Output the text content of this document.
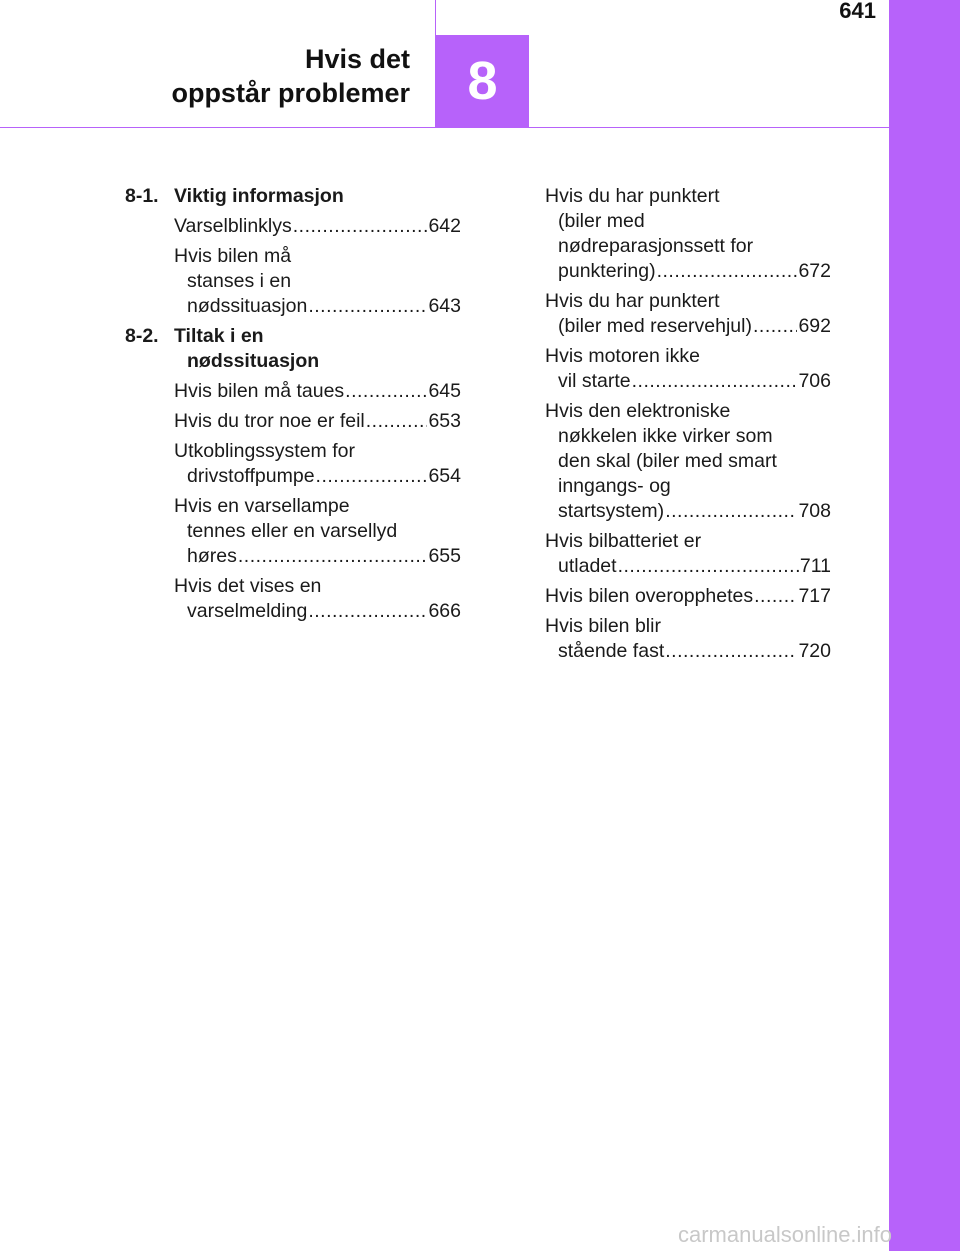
641
Hvis det
oppstår problemer	8
8-1. Viktig informasjon
Varselblinklys .....	642
Hvis bilen må
stanses i en
nødssituasjon .....	643
8-2. Tiltak i en
nødssituasjon
Hvis bilen må taues .....	645
Hvis du tror noe er feil .....	653
Utkoblingssystem for
drivstoffpumpe .....	654
Hvis en varsellampe
tennes eller en varsellyd
høres .....	655
Hvis det vises en
varselmelding .....	666
Hvis du har punktert
(biler med
nødreparasjonssett for
punktering) .....	672
Hvis du har punktert
(biler med reservehjul) ..... 692
Hvis motoren ikke
vil starte .....	706
Hvis den elektroniske
nøkkelen ikke virker som
den skal (biler med smart
inngangs- og
startsystem) .....	708
Hvis bilbatteriet er
utladet .....	711
Hvis bilen overopphetes ..... 717
Hvis bilen blir
stående fast .....	720
carmanualsonline.info
